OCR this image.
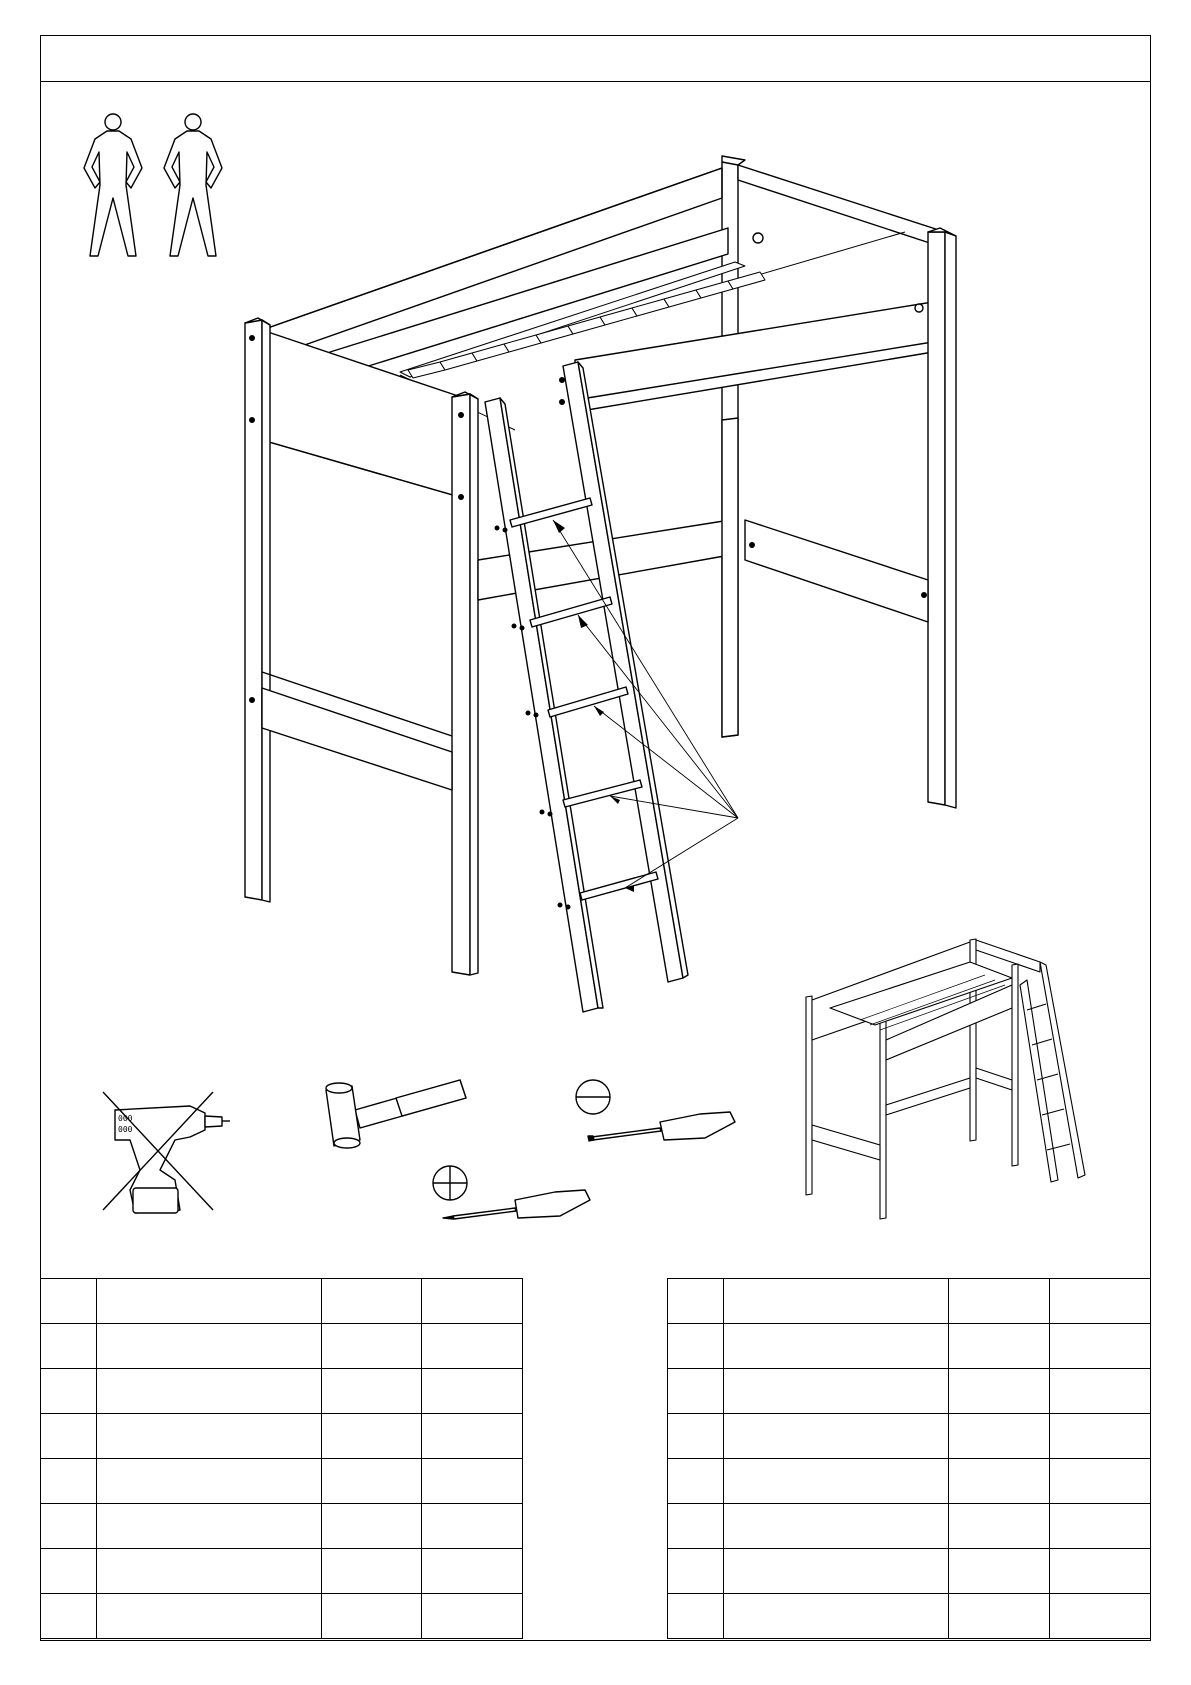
000
000
